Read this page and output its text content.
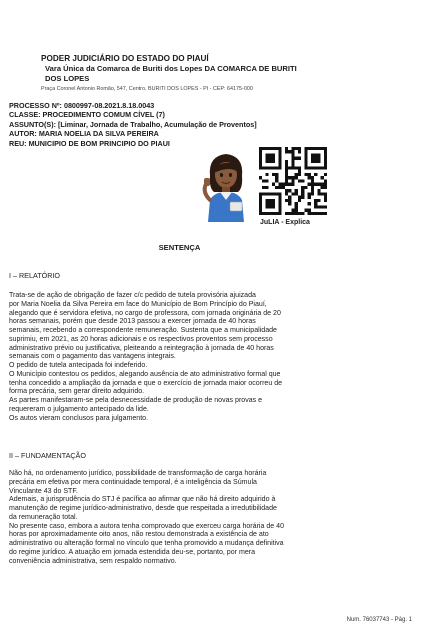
PODER JUDICIÁRIO DO ESTADO DO PIAUÍ
Vara Única da Comarca de Buriti dos Lopes DA COMARCA DE BURITI
DOS LOPES
Praça Coronel Antonio Romão, 547, Centro, BURITI DOS LOPES - PI - CEP: 64175-000
PROCESSO Nº: 0800997-08.2021.8.18.0043
CLASSE: PROCEDIMENTO COMUM CÍVEL (7)
ASSUNTO(S): [Liminar, Jornada de Trabalho, Acumulação de Proventos]
AUTOR: MARIA NOELIA DA SILVA PEREIRA
REU: MUNICIPIO DE BOM PRINCIPIO DO PIAUI
JuLIA - Explica
SENTENÇA
I – RELATÓRIO

Trata-se de ação de obrigação de fazer c/c pedido de tutela provisória ajuizada

por Maria Noelia da Silva Pereira em face do Município de Bom Princípio do Piauí,

alegando que é servidora efetiva, no cargo de professora, com jornada originária de 20

horas semanais, porém que desde 2013 passou a exercer jornada de 40 horas

semanais, recebendo a correspondente remuneração. Sustenta que a municipalidade

suprimiu, em 2021, as 20 horas adicionais e os respectivos proventos sem processo

administrativo prévio ou justificativa, pleiteando a reintegração à jornada de 40 horas

semanais com o pagamento das vantagens integrais.

O pedido de tutela antecipada foi indeferido.

O Município contestou os pedidos, alegando ausência de ato administrativo formal que

tenha concedido a ampliação da jornada e que o exercício de jornada maior ocorreu de

forma precária, sem gerar direito adquirido.

As partes manifestaram-se pela desnecessidade de produção de novas provas e

requereram o julgamento antecipado da lide.

Os autos vieram conclusos para julgamento.

II – FUNDAMENTAÇÃO

Não há, no ordenamento jurídico, possibilidade de transformação de carga horária

precária em efetiva por mera continuidade temporal, é a inteligência da Súmula

Vinculante 43 do STF.

Ademais, a jurisprudência do STJ é pacífica ao afirmar que não há direito adquirido à

manutenção de regime jurídico-administrativo, desde que respeitada a irredutibilidade

da remuneração total.

No presente caso, embora a autora tenha comprovado que exerceu carga horária de 40

horas por aproximadamente oito anos, não restou demonstrada a existência de ato

administrativo ou alteração formal no vínculo que tenha promovido a mudança definitiva

do regime jurídico. A atuação em jornada estendida deu-se, portanto, por mera

conveniência administrativa, sem respaldo normativo.

Num. 76037743 - Pág. 1
